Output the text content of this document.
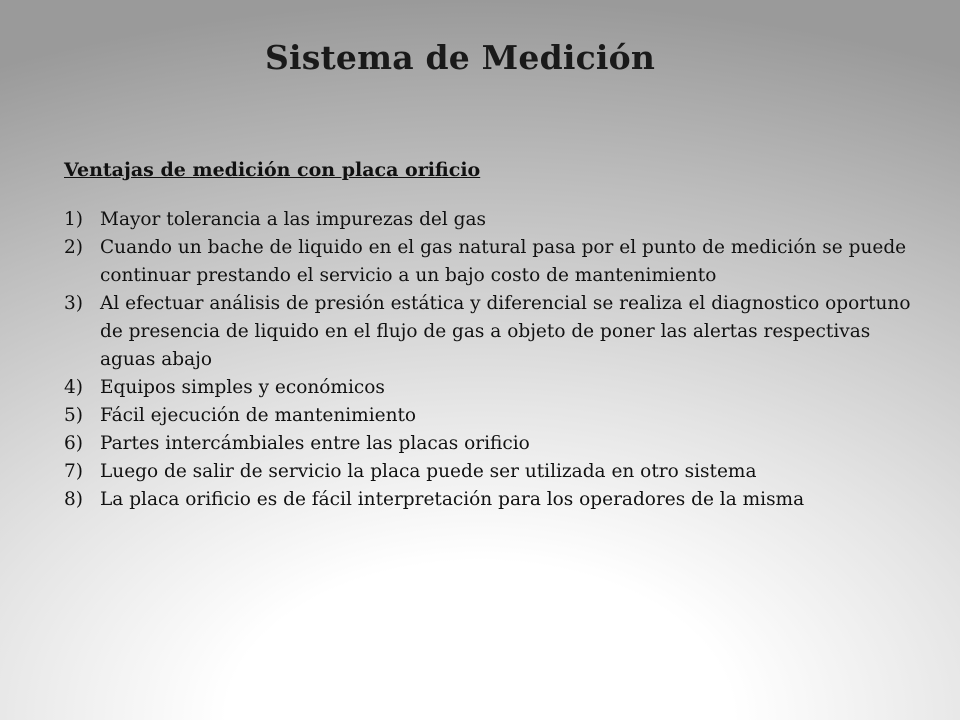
Sistema de Medición

Ventajas de medición con placa orificio

1) Mayor tolerancia a las impurezas del gas
2) Cuando un bache de liquido en el gas natural pasa por el punto de medición se puede continuar prestando el servicio a un bajo costo de mantenimiento
3) Al efectuar análisis de presión estática y diferencial se realiza el diagnostico oportuno de presencia de liquido en el flujo de gas a objeto de poner las alertas respectivas aguas abajo
4) Equipos simples y económicos
5) Fácil ejecución de mantenimiento
6) Partes intercámbiales entre las placas orificio
7) Luego de salir de servicio la placa puede ser utilizada en otro sistema
8) La placa orificio es de fácil interpretación para los operadores de la misma
